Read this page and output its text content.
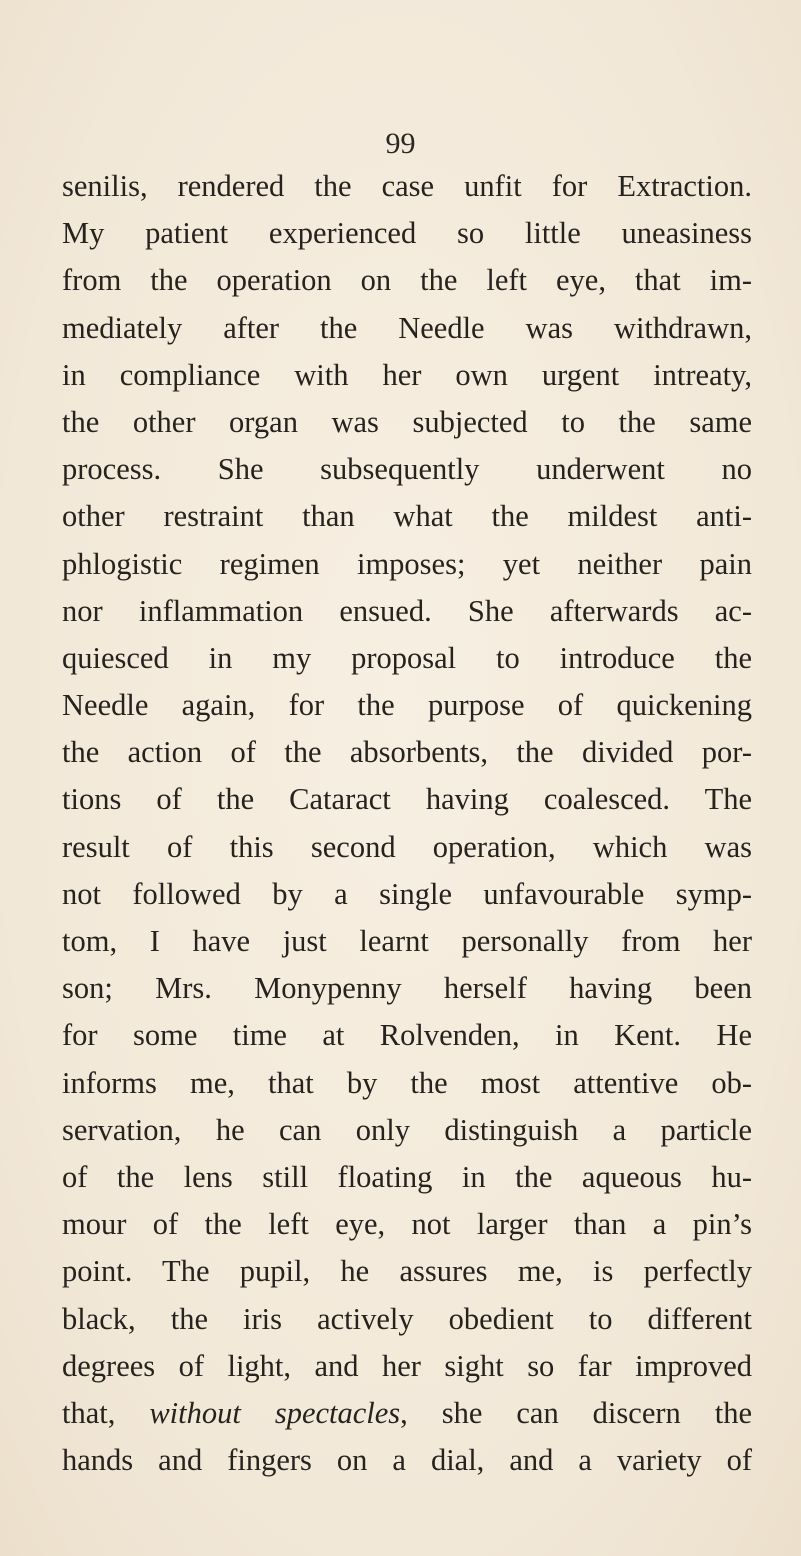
99
senilis, rendered the case unfit for Extraction.
My patient experienced so little uneasiness
from the operation on the left eye, that im-
mediately after the Needle was withdrawn,
in compliance with her own urgent intreaty,
the other organ was subjected to the same
process. She subsequently underwent no
other restraint than what the mildest anti-
phlogistic regimen imposes; yet neither pain
nor inflammation ensued. She afterwards ac-
quiesced in my proposal to introduce the
Needle again, for the purpose of quickening
the action of the absorbents, the divided por-
tions of the Cataract having coalesced. The
result of this second operation, which was
not followed by a single unfavourable symp-
tom, I have just learnt personally from her
son; Mrs. Monypenny herself having been
for some time at Rolvenden, in Kent. He
informs me, that by the most attentive ob-
servation, he can only distinguish a particle
of the lens still floating in the aqueous hu-
mour of the left eye, not larger than a pin’s
point. The pupil, he assures me, is perfectly
black, the iris actively obedient to different
degrees of light, and her sight so far improved
that, without spectacles, she can discern the
hands and fingers on a dial, and a variety of
